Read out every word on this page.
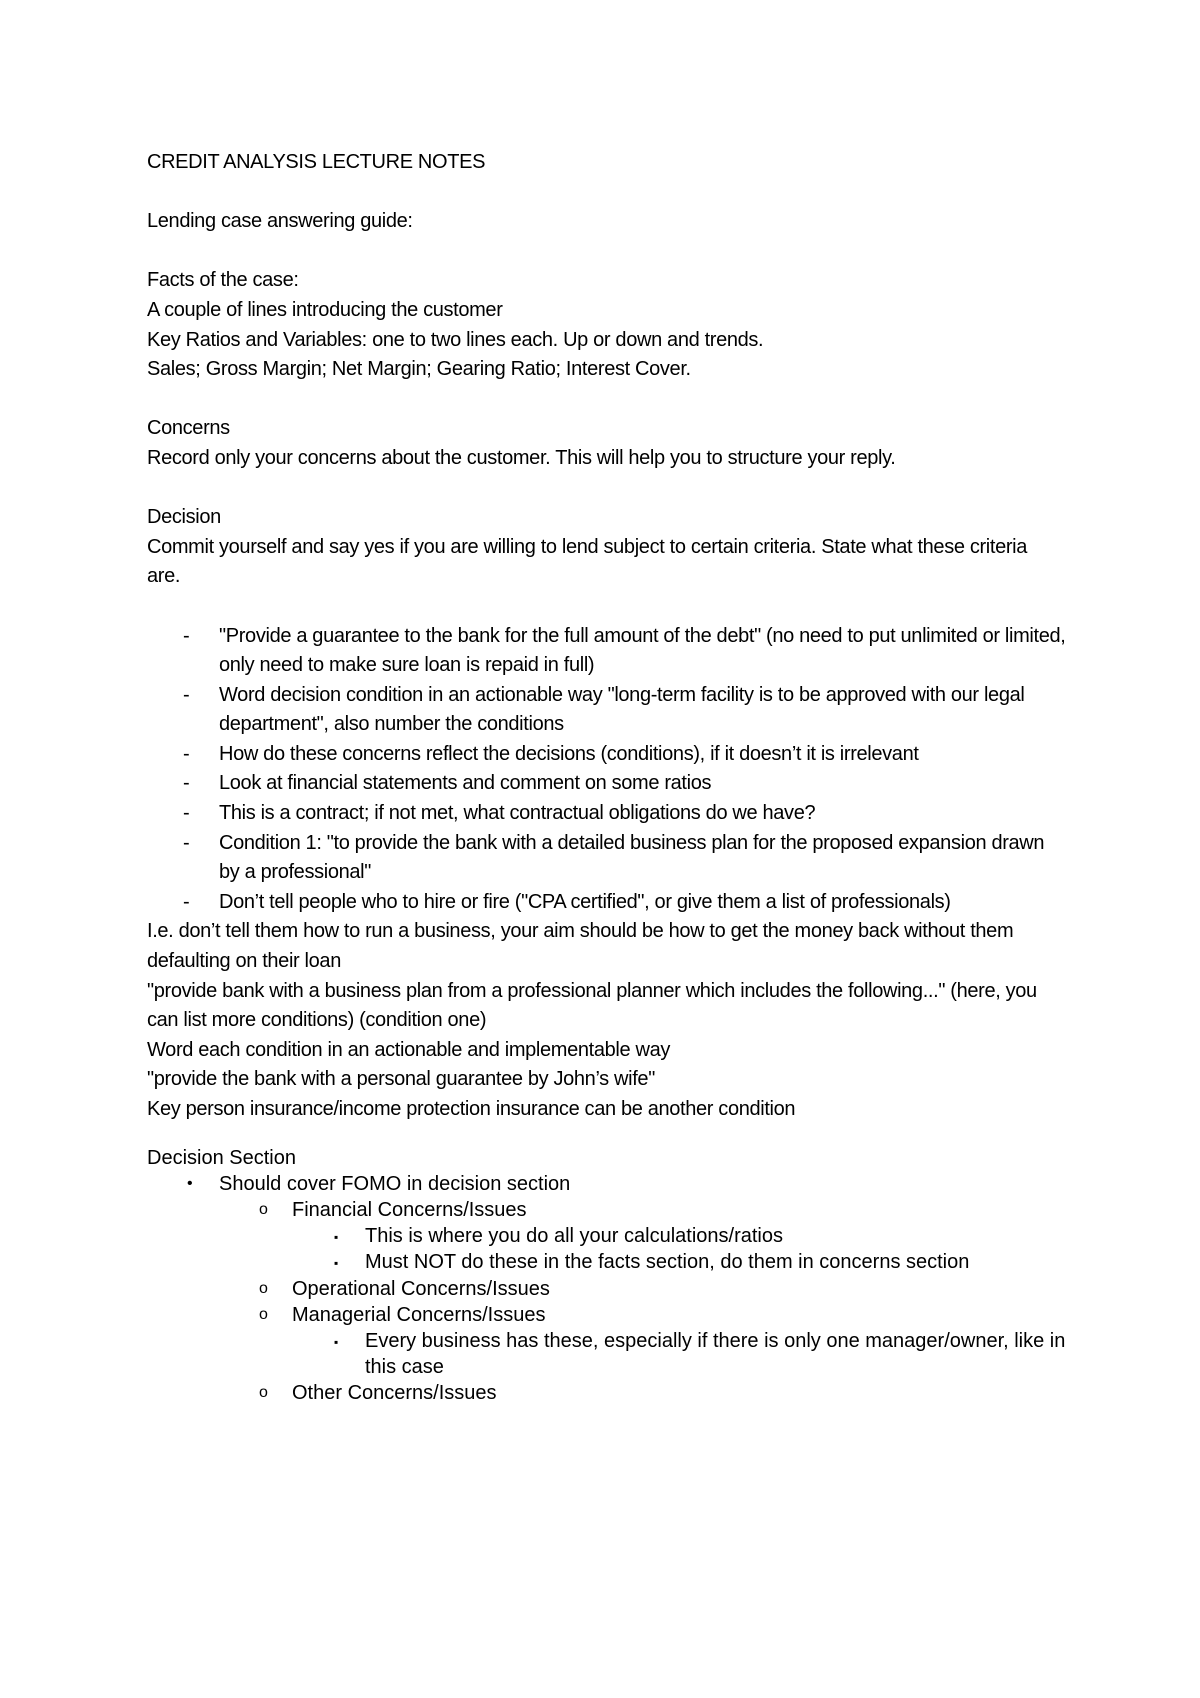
CREDIT ANALYSIS LECTURE NOTES

Lending case answering guide:

Facts of the case:

A couple of lines introducing the customer

Key Ratios and Variables: one to two lines each. Up or down and trends.

Sales; Gross Margin; Net Margin; Gearing Ratio; Interest Cover.

Concerns

Record only your concerns about the customer. This will help you to structure your reply.

Decision

Commit yourself and say yes if you are willing to lend subject to certain criteria. State what these criteria

are.

- "Provide a guarantee to the bank for the full amount of the debt" (no need to put unlimited or limited, only need to make sure loan is repaid in full)
- Word decision condition in an actionable way "long-term facility is to be approved with our legal department", also number the conditions
- How do these concerns reflect the decisions (conditions), if it doesn’t it is irrelevant
- Look at financial statements and comment on some ratios
- This is a contract; if not met, what contractual obligations do we have?
- Condition 1: "to provide the bank with a detailed business plan for the proposed expansion drawn by a professional"
- Don’t tell people who to hire or fire ("CPA certified", or give them a list of professionals)

I.e. don’t tell them how to run a business, your aim should be how to get the money back without them defaulting on their loan

"provide bank with a business plan from a professional planner which includes the following..." (here, you can list more conditions) (condition one)

Word each condition in an actionable and implementable way

"provide the bank with a personal guarantee by John’s wife"

Key person insurance/income protection insurance can be another condition

Decision Section

• Should cover FOMO in decision section
o Financial Concerns/Issues
▪ This is where you do all your calculations/ratios
▪ Must NOT do these in the facts section, do them in concerns section
o Operational Concerns/Issues
o Managerial Concerns/Issues
▪ Every business has these, especially if there is only one manager/owner, like in this case
o Other Concerns/Issues
